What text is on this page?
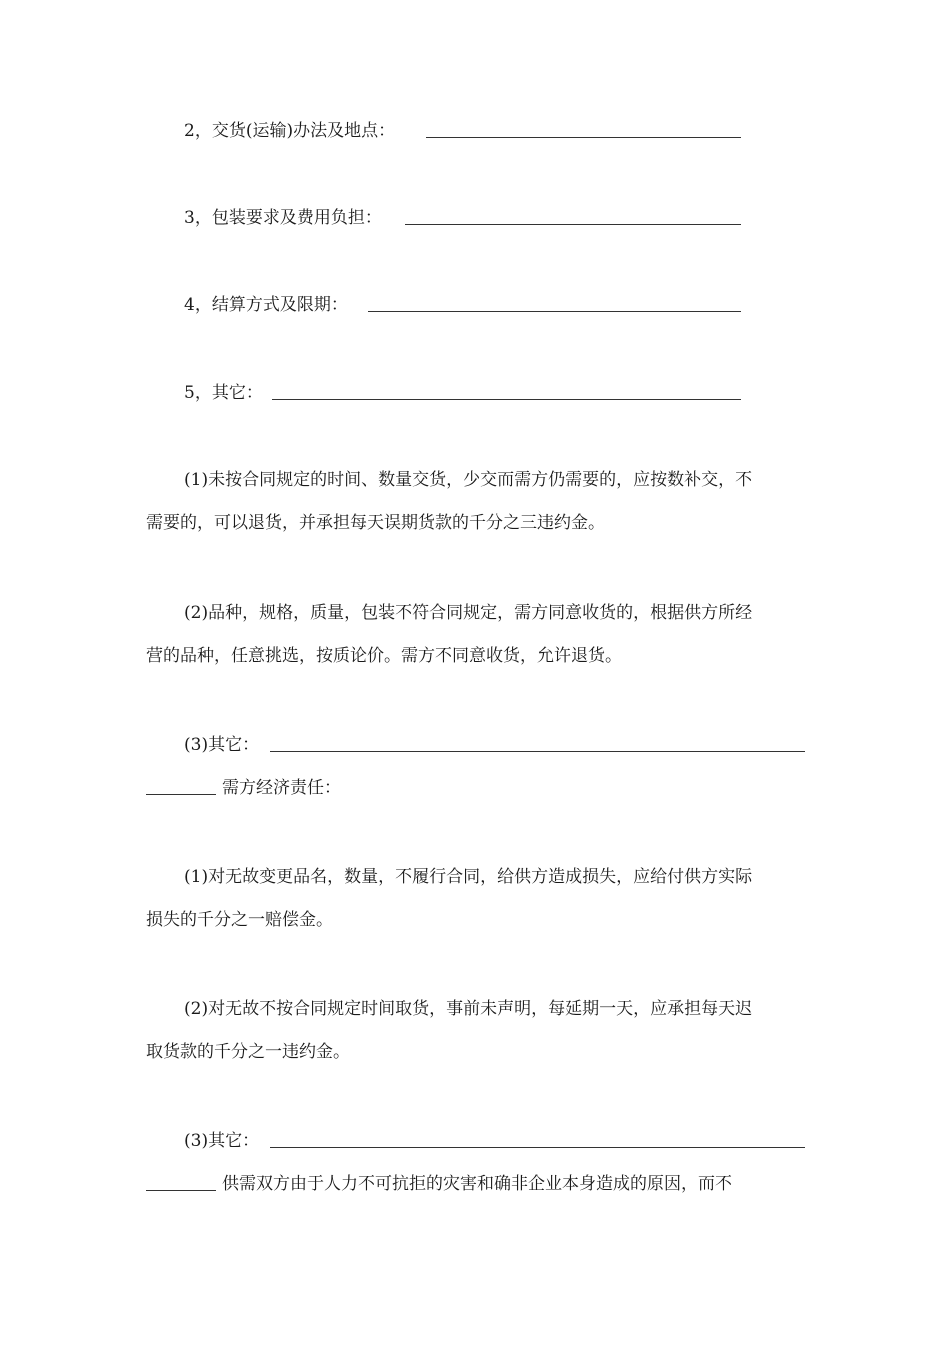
2，交货(运输)办法及地点：
3，包装要求及费用负担：
4，结算方式及限期：
5，其它：
(1)未按合同规定的时间、数量交货，少交而需方仍需要的，应按数补交，不
需要的，可以退货，并承担每天误期货款的千分之三违约金。
(2)品种，规格，质量，包装不符合同规定，需方同意收货的，根据供方所经
营的品种，任意挑选，按质论价。需方不同意收货，允许退货。
(3)其它：
需方经济责任：
(1)对无故变更品名，数量，不履行合同，给供方造成损失，应给付供方实际
损失的千分之一赔偿金。
(2)对无故不按合同规定时间取货，事前未声明，每延期一天，应承担每天迟
取货款的千分之一违约金。
(3)其它：
供需双方由于人力不可抗拒的灾害和确非企业本身造成的原因，而不
